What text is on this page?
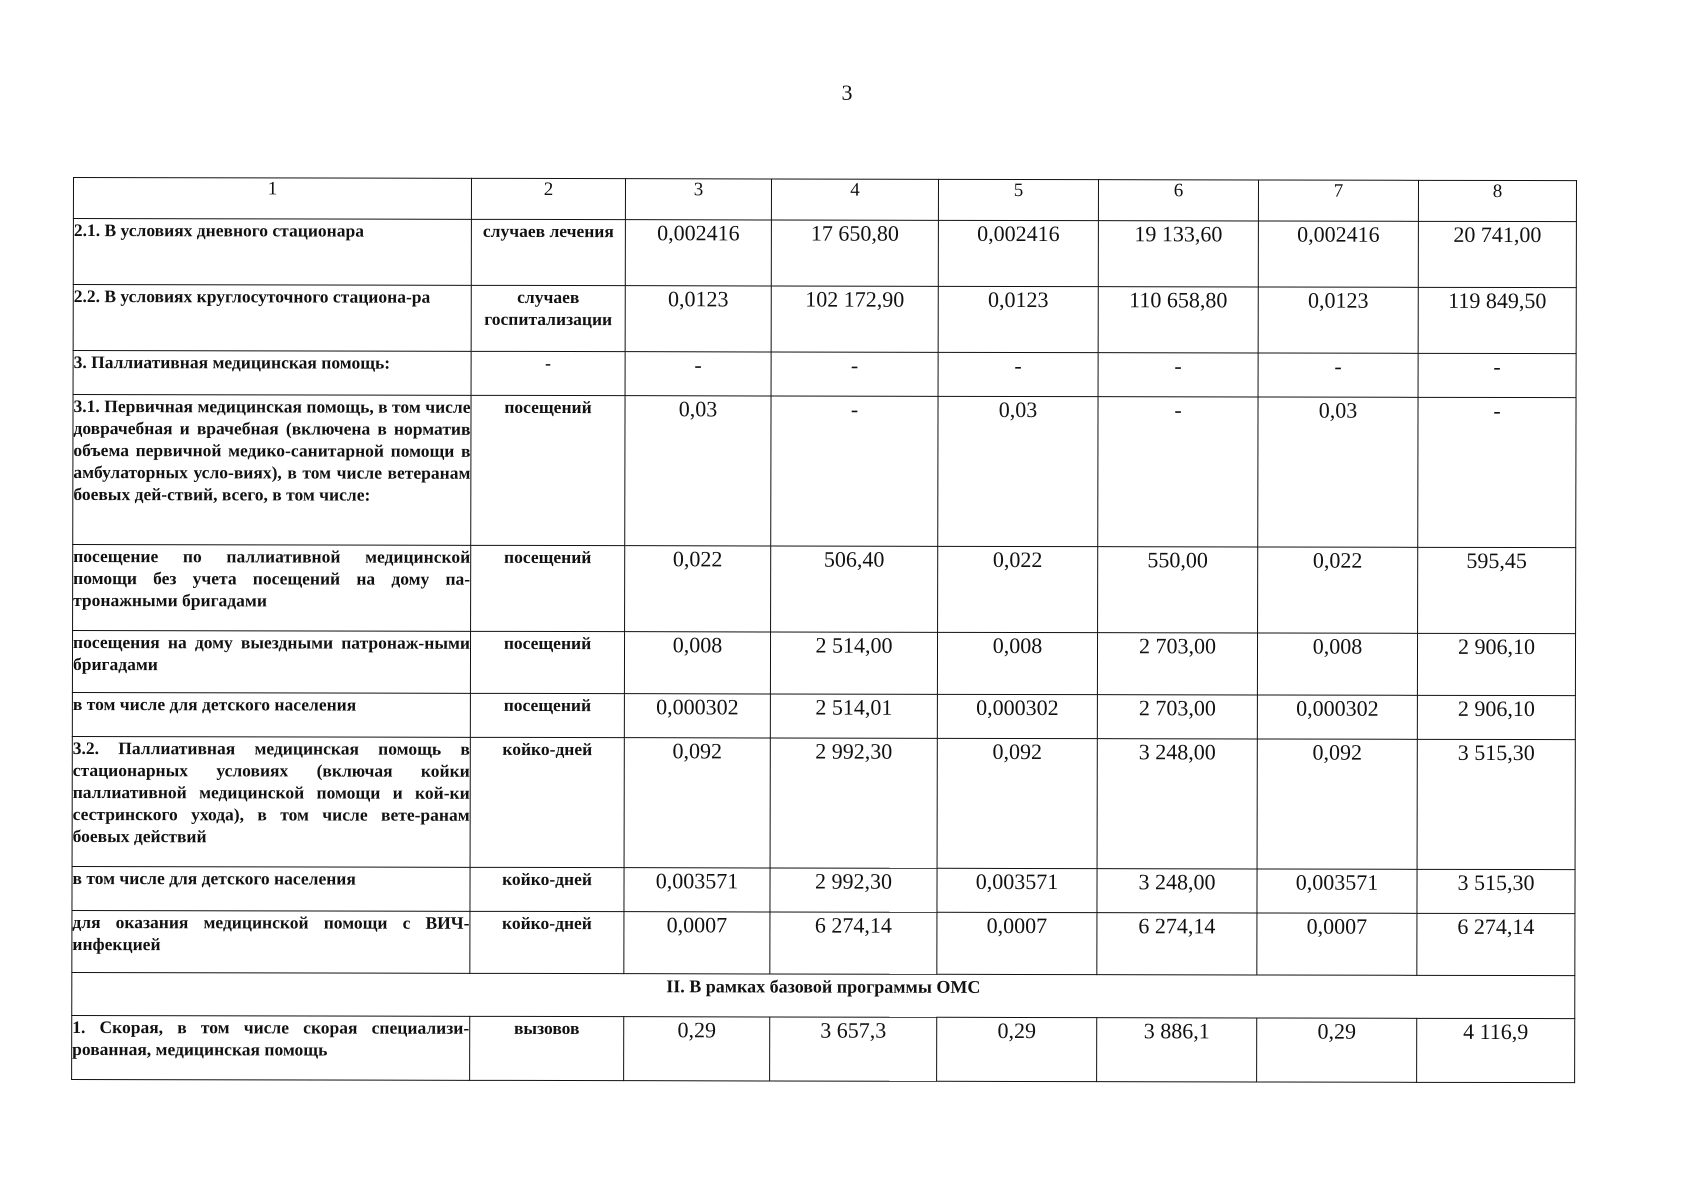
3
1	2	3	4	5	6	7	8
2.1. В условиях дневного стационара	случаев лечения	0,002416	17 650,80	0,002416	19 133,60	0,002416	20 741,00
2.2. В условиях круглосуточного стациона-ра	случаев госпитализации	0,0123	102 172,90	0,0123	110 658,80	0,0123	119 849,50
3. Паллиативная медицинская помощь:	-	-	-	-	-	-	-
3.1. Первичная медицинская помощь, в том числе доврачебная и врачебная (включена в норматив объема первичной медико-санитарной помощи в амбулаторных усло-виях), в том числе ветеранам боевых дей-ствий, всего, в том числе:	посещений	0,03	-	0,03	-	0,03	-
посещение по паллиативной медицинской помощи без учета посещений на дому па-тронажными бригадами	посещений	0,022	506,40	0,022	550,00	0,022	595,45
посещения на дому выездными патронаж-ными бригадами	посещений	0,008	2 514,00	0,008	2 703,00	0,008	2 906,10
в том числе для детского населения	посещений	0,000302	2 514,01	0,000302	2 703,00	0,000302	2 906,10
3.2. Паллиативная медицинская помощь в стационарных условиях (включая койки паллиативной медицинской помощи и кой-ки сестринского ухода), в том числе вете-ранам боевых действий	койко-дней	0,092	2 992,30	0,092	3 248,00	0,092	3 515,30
в том числе для детского населения	койко-дней	0,003571	2 992,30	0,003571	3 248,00	0,003571	3 515,30
для оказания медицинской помощи с ВИЧ-инфекцией	койко-дней	0,0007	6 274,14	0,0007	6 274,14	0,0007	6 274,14
II. В рамках базовой программы ОМС							
1. Скорая, в том числе скорая специализи-рованная, медицинская помощь	вызовов	0,29	3 657,3	0,29	3 886,1	0,29	4 116,9
